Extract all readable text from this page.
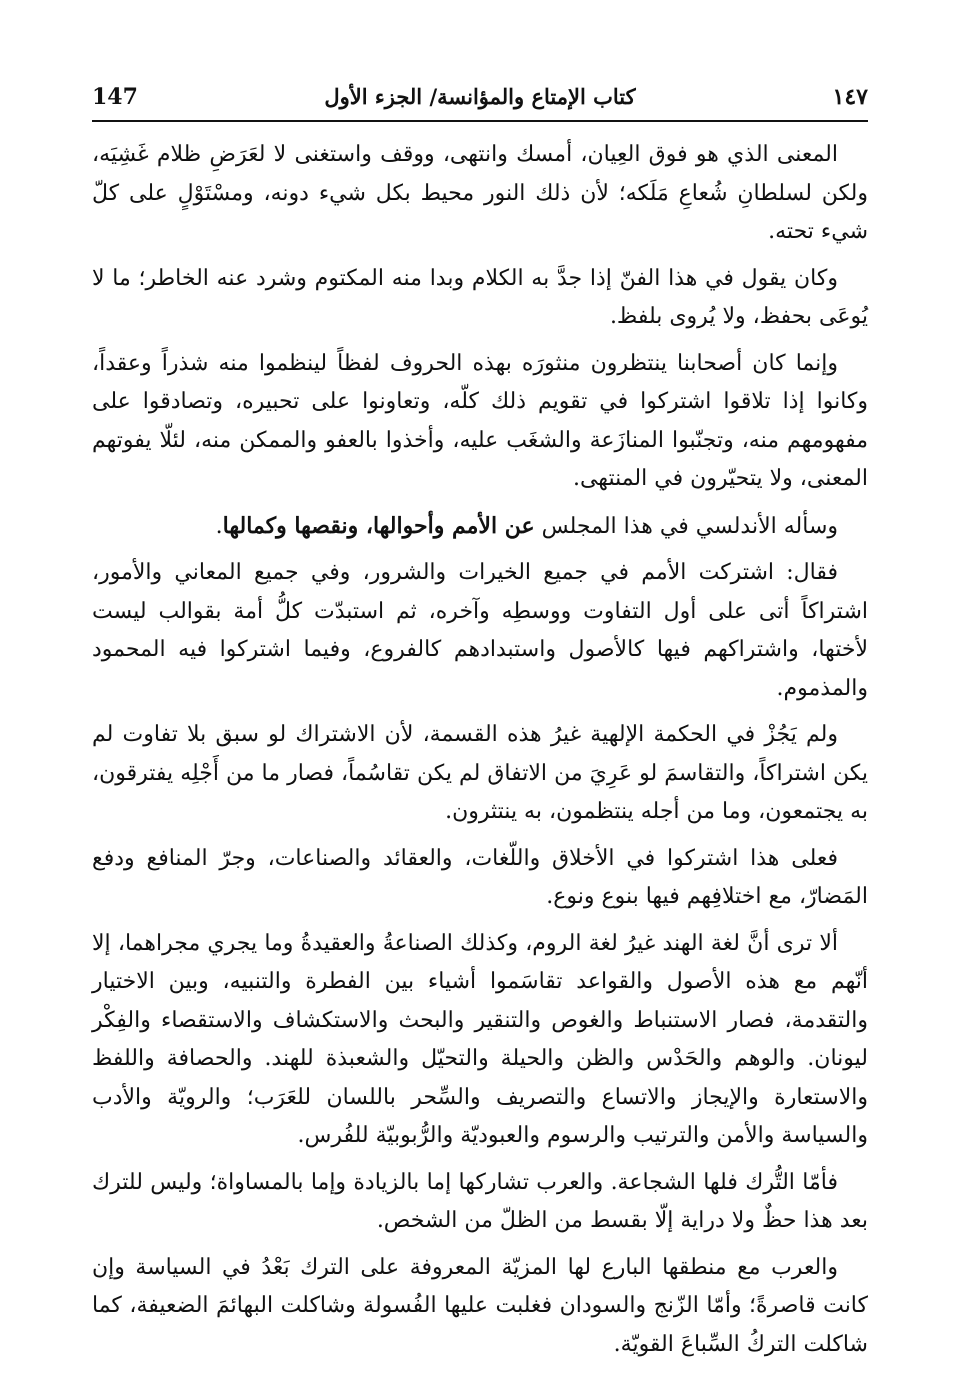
147	كتاب الإمتاع والمؤانسة/ الجزء الأول	١٤٧

المعنى الذي هو فوق العِيان، أمسك وانتهى، ووقف واستغنى لا لعَرَضِ ظلام غَشِيَه، ولكن لسلطانِ شُعاعِ مَلَكه؛ لأن ذلك النور محيط بكل شيء دونه، ومسْتَوْلٍ على كلّ شيء تحته.

وكان يقول في هذا الفنّ إذا جدَّ به الكلام وبدا منه المكتوم وشرد عنه الخاطر؛ ما لا يُوعَى بحفظ، ولا يُروى بلفظ.

وإنما كان أصحابنا ينتظرون منثورَه بهذه الحروف لفظاً لينظموا منه شذراً وعقداً، وكانوا إذا تلاقوا اشتركوا في تقويم ذلك كلّه، وتعاونوا على تحبيره، وتصادقوا على مفهومهم منه، وتجنّبوا المنازَعة والشغَب عليه، وأخذوا بالعفو والممكن منه، لئلّا يفوتهم المعنى، ولا يتحيّرون في المنتهى.

وسأله الأندلسي في هذا المجلس عن الأمم وأحوالها، ونقصها وكمالها.

فقال: اشتركت الأمم في جميع الخيرات والشرور، وفي جميع المعاني والأمور، اشتراكاً أتى على أول التفاوت ووسطِه وآخره، ثم استبدّت كلُّ أمة بقوالب ليست لأختها، واشتراكهم فيها كالأصول واستبدادهم كالفروع، وفيما اشتركوا فيه المحمود والمذموم.

ولم يَجُزْ في الحكمة الإلهية غيرُ هذه القسمة، لأن الاشتراك لو سبق بلا تفاوت لم يكن اشتراكاً، والتقاسمَ لو عَرِيَ من الاتفاق لم يكن تقاسُماً، فصار ما من أَجْلِه يفترقون، به يجتمعون، وما من أجله ينتظمون، به ينتثرون.

فعلى هذا اشتركوا في الأخلاق واللّغات، والعقائد والصناعات، وجرّ المنافع ودفع المَضارّ، مع اختلافِهم فيها بنوع ونوع.

ألا ترى أنَّ لغة الهند غيرُ لغة الروم، وكذلك الصناعةُ والعقيدةُ وما يجري مجراهما، إلا أنّهم مع هذه الأصول والقواعد تقاسَموا أشياء بين الفطرة والتنبيه، وبين الاختيار والتقدمة، فصار الاستنباط والغوص والتنقير والبحث والاستكشاف والاستقصاء والفِكْر ليونان. والوهم والحَدْس والظن والحيلة والتحيّل والشعبذة للهند. والحصافة واللفظ والاستعارة والإيجاز والاتساع والتصريف والسِّحر باللسان للعَرَب؛ والرويّة والأدب والسياسة والأمن والترتيب والرسوم والعبوديّة والرُّبوبيّة للفُرس.

فأمّا التُّرك فلها الشجاعة. والعرب تشاركها إما بالزيادة وإما بالمساواة؛ وليس للترك بعد هذا حظٌ ولا دراية إلّا بقسط من الظلّ من الشخص.

والعرب مع منطقها البارع لها المزيّة المعروفة على الترك بَعْدُ في السياسة وإن كانت قاصرةً؛ وأمّا الزّنج والسودان فغلبت عليها الفُسولة وشاكلت البهائمَ الضعيفة، كما شاكلت التركُ السِّباعَ القويّة.
